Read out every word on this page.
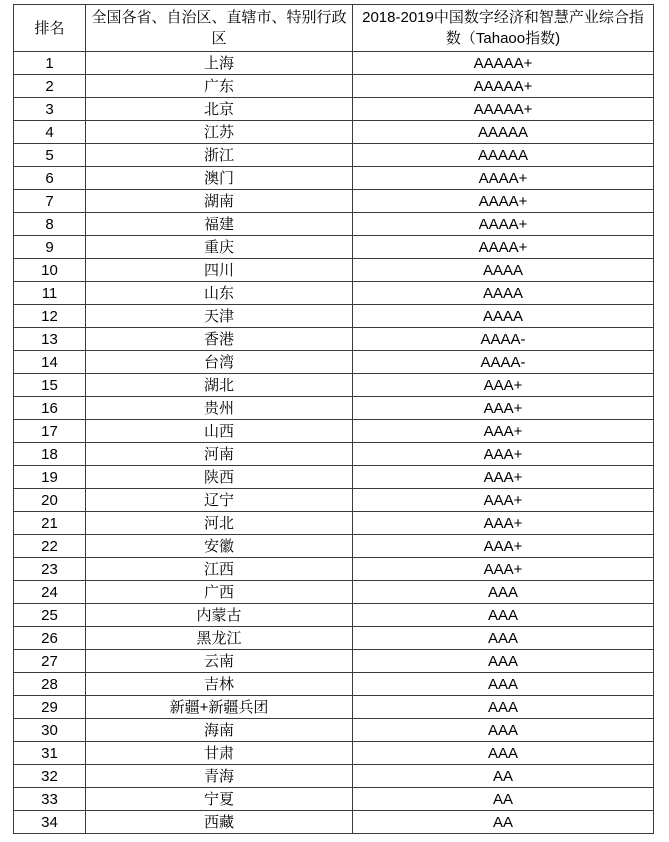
排名	全国各省、自治区、直辖市、特别行政区	2018-2019中国数字经济和智慧产业综合指数（Tahaoo指数)
1	上海	AAAAA+
2	广东	AAAAA+
3	北京	AAAAA+
4	江苏	AAAAA
5	浙江	AAAAA
6	澳门	AAAA+
7	湖南	AAAA+
8	福建	AAAA+
9	重庆	AAAA+
10	四川	AAAA
11	山东	AAAA
12	天津	AAAA
13	香港	AAAA-
14	台湾	AAAA-
15	湖北	AAA+
16	贵州	AAA+
17	山西	AAA+
18	河南	AAA+
19	陕西	AAA+
20	辽宁	AAA+
21	河北	AAA+
22	安徽	AAA+
23	江西	AAA+
24	广西	AAA
25	内蒙古	AAA
26	黑龙江	AAA
27	云南	AAA
28	吉林	AAA
29	新疆+新疆兵团	AAA
30	海南	AAA
31	甘肃	AAA
32	青海	AA
33	宁夏	AA
34	西藏	AA
